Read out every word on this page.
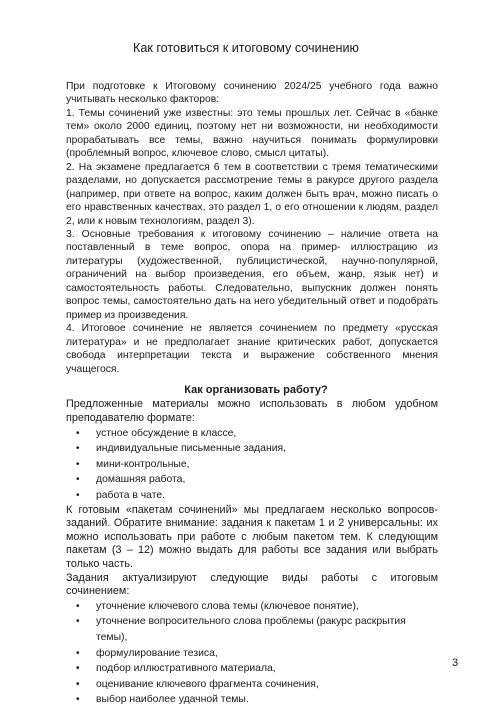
Как готовиться к итоговому сочинению

При подготовке к Итоговому сочинению 2024/25 учебного года важно учитывать несколько факторов:

1. Темы сочинений уже известны: это темы прошлых лет. Сейчас в «банке тем» около 2000 единиц, поэтому нет ни возможности, ни необходимости прорабатывать все темы, важно научиться понимать формулировки (проблемный вопрос, ключевое слово, смысл цитаты).

2. На экзамене предлагается 6 тем в соответствии с тремя тематическими разделами, но допускается рассмотрение темы в ракурсе другого раздела (например, при ответе на вопрос, каким должен быть врач, можно писать о его нравственных качествах, это раздел 1, о его отношении к людям, раздел 2, или к новым технологиям, раздел 3).

3. Основные требования к итоговому сочинению – наличие ответа на поставленный в теме вопрос, опора на пример- иллюстрацию из литературы (художественной, публицистической, научно-популярной, ограничений на выбор произведения, его объем, жанр, язык нет) и самостоятельность работы. Следовательно, выпускник должен понять вопрос темы, самостоятельно дать на него убедительный ответ и подобрать пример из произведения.

4. Итоговое сочинение не является сочинением по предмету «русская литература» и не предполагает знание критических работ, допускается свобода интерпретации текста и выражение собственного мнения учащегося.

Как организовать работу?

Предложенные материалы можно использовать в любом удобном преподавателю формате:

• устное обсуждение в классе,
• индивидуальные письменные задания,
• мини-контрольные,
• домашняя работа,
• работа в чате.

К готовым «пакетам сочинений» мы предлагаем несколько вопросов-заданий. Обратите внимание: задания к пакетам 1 и 2 универсальны: их можно использовать при работе с любым пакетом тем. К следующим пакетам (3 – 12) можно выдать для работы все задания или выбрать только часть.

Задания актуализируют следующие виды работы с итоговым сочинением:

• уточнение ключевого слова темы (ключевое понятие),
• уточнение вопросительного слова проблемы (ракурс раскрытия темы),
• формулирование тезиса,
• подбор иллюстративного материала,
• оценивание ключевого фрагмента сочинения,
• выбор наиболее удачной темы.
3
